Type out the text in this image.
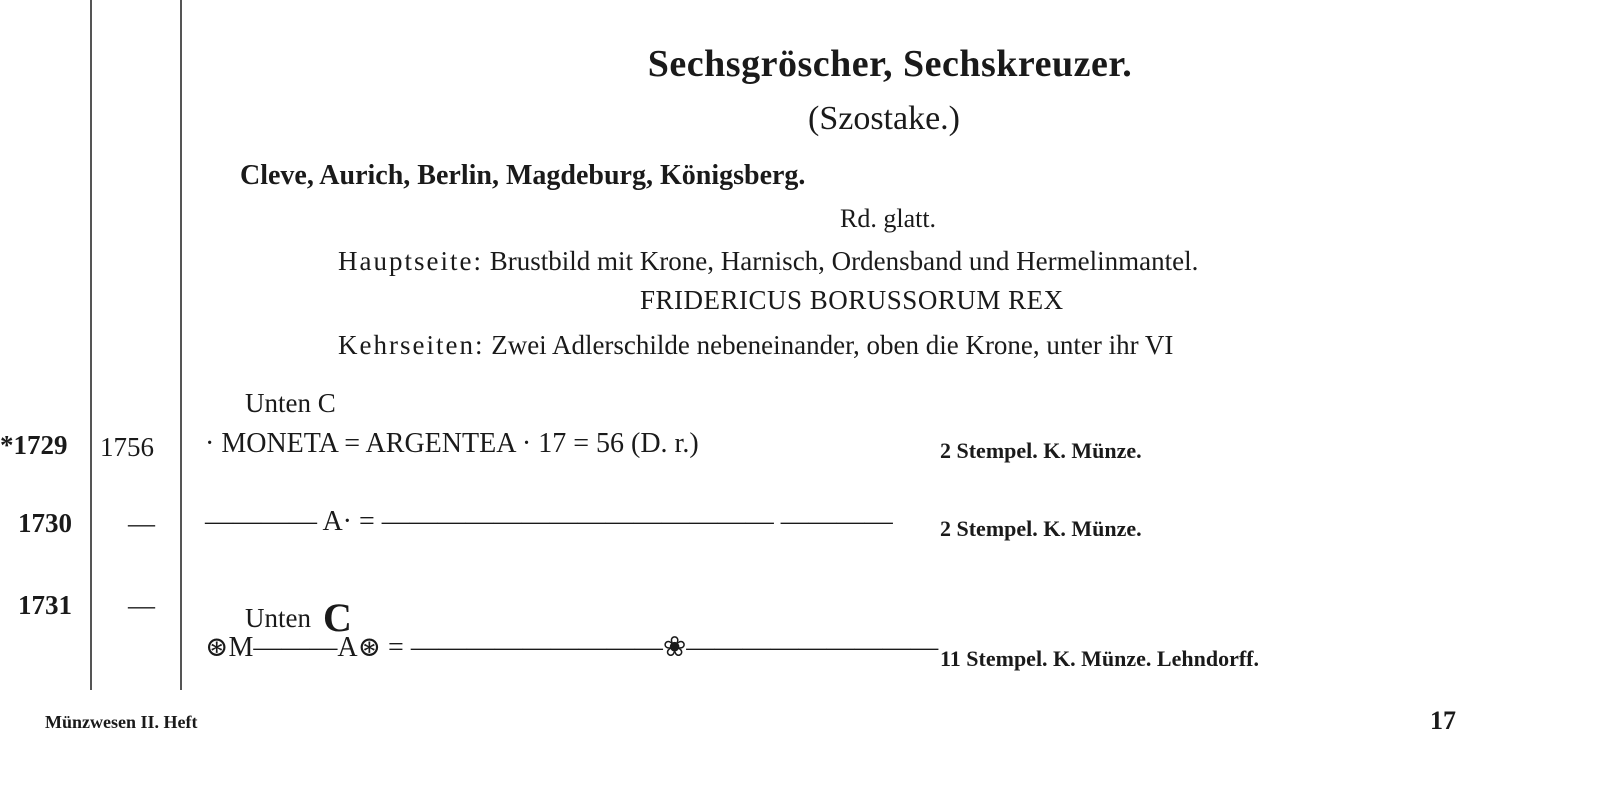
Sechsgröscher, Sechskreuzer.
(Szostake.)
Cleve, Aurich, Berlin, Magdeburg, Königsberg.
Rd. glatt.
Hauptseite: Brustbild mit Krone, Harnisch, Ordensband und Hermelinmantel.
FRIDERICUS BORUSSORUM REX
Kehrseiten: Zwei Adlerschilde nebeneinander, oben die Krone, unter ihr VI
Unten C
*1729 1756 · MONETA = ARGENTEA · 17 = 56 (D. r.)	2 Stempel. K. Münze.
1730 — ———— A· = —————————————— ———— 2 Stempel. K. Münze.
1731 —	Unten C
⊛M———A⊛ = —————————❀————————— 11 Stempel. K. Münze. Lehndorff.
Münzwesen II. Heft	17
